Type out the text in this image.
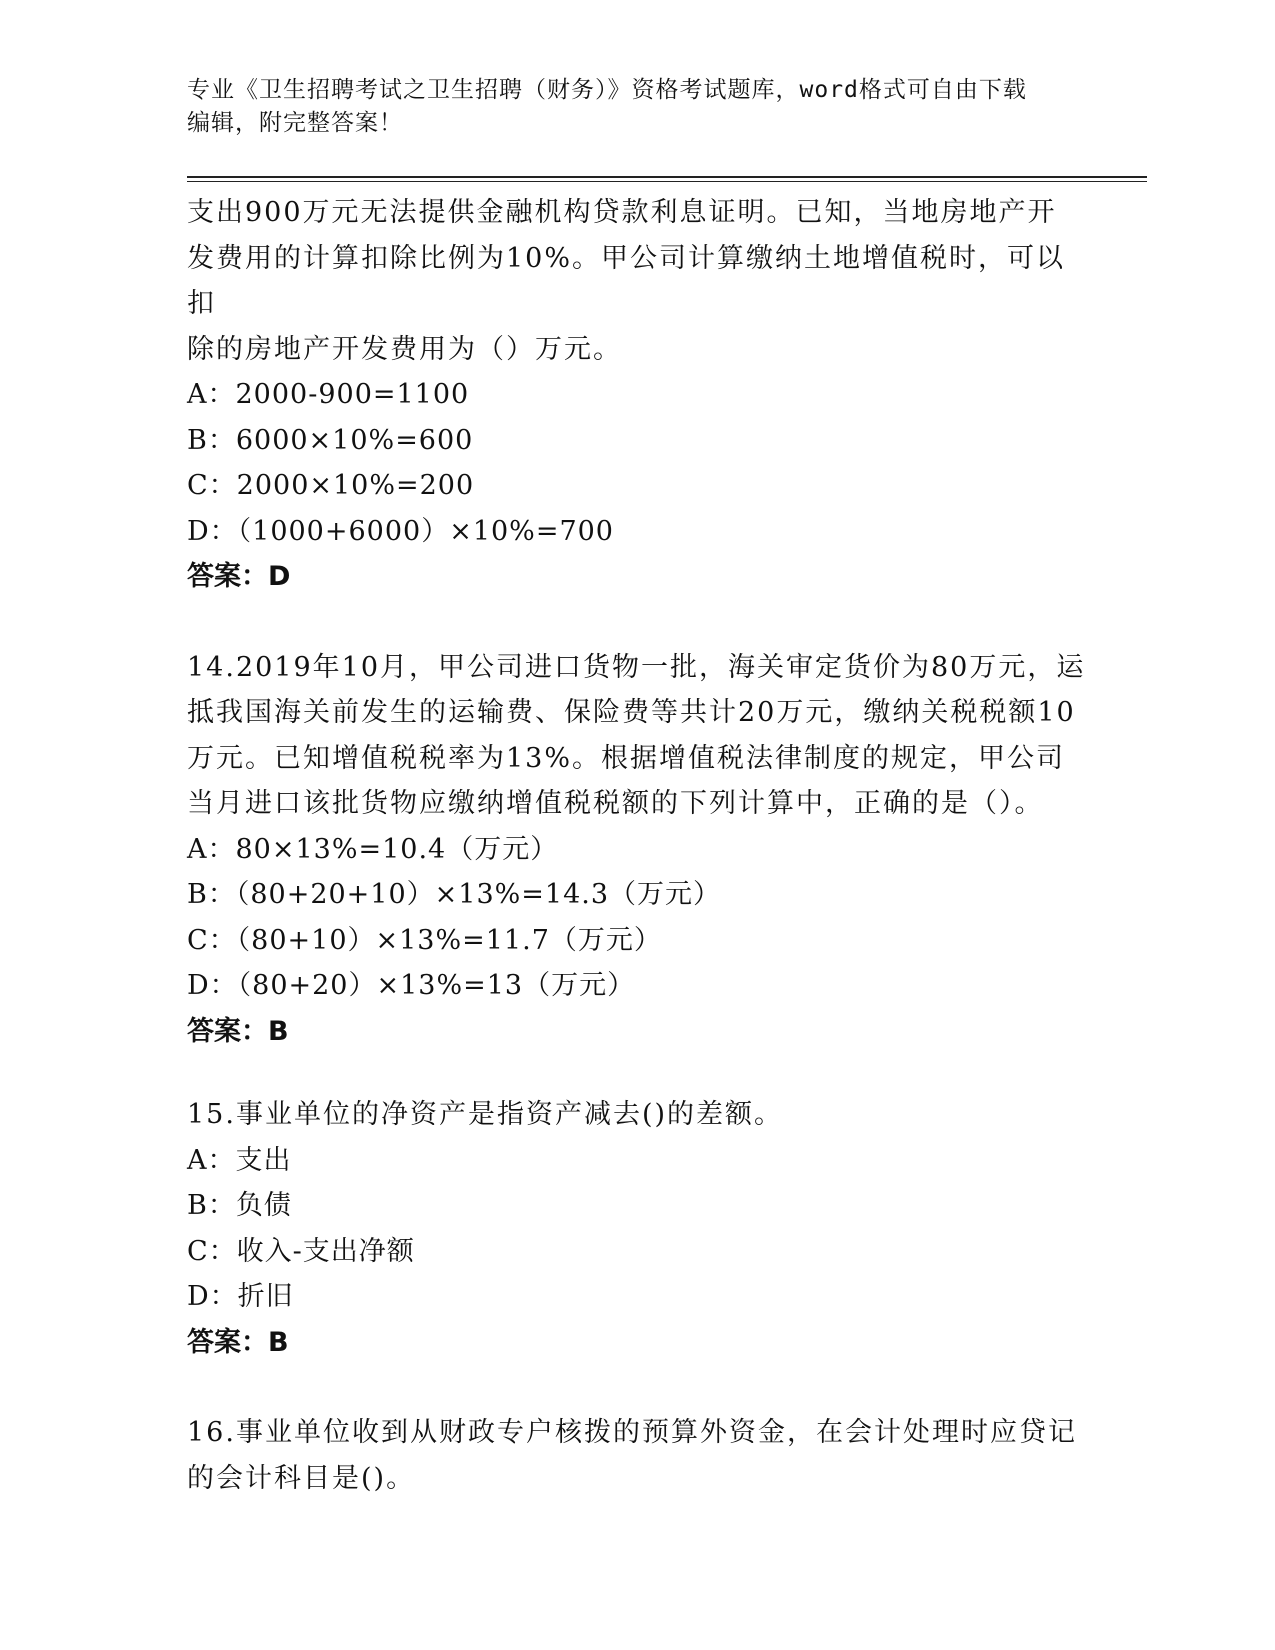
专业《卫生招聘考试之卫生招聘（财务）》资格考试题库，word格式可自由下载
编辑，附完整答案！

支出900万元无法提供金融机构贷款利息证明。已知，当地房地产开

发费用的计算扣除比例为10%。甲公司计算缴纳土地增值税时，可以扣

除的房地产开发费用为（）万元。

A：2000-900=1100

B：6000×10%=600

C：2000×10%=200

D：（1000+6000）×10%=700

答案：D

14.2019年10月，甲公司进口货物一批，海关审定货价为80万元，运

抵我国海关前发生的运输费、保险费等共计20万元，缴纳关税税额10

万元。已知增值税税率为13%。根据增值税法律制度的规定，甲公司

当月进口该批货物应缴纳增值税税额的下列计算中，正确的是（）。

A：80×13%=10.4（万元）

B：（80+20+10）×13%=14.3（万元）

C：（80+10）×13%=11.7（万元）

D：（80+20）×13%=13（万元）

答案：B

15.事业单位的净资产是指资产减去()的差额。

A：支出

B：负债

C：收入-支出净额

D：折旧

答案：B

16.事业单位收到从财政专户核拨的预算外资金，在会计处理时应贷记

的会计科目是()。
